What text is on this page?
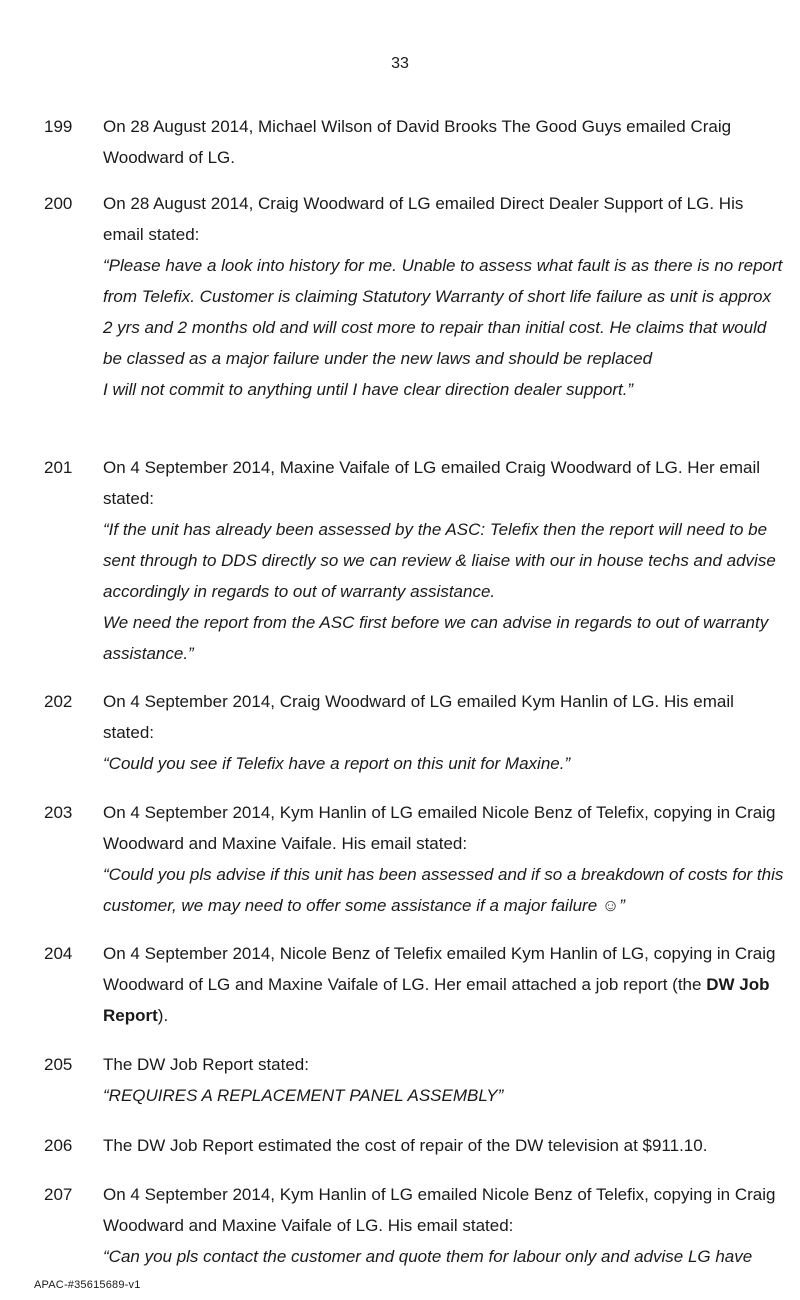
33
199	On 28 August 2014, Michael Wilson of David Brooks The Good Guys emailed Craig Woodward of LG.
200	On 28 August 2014, Craig Woodward of LG emailed Direct Dealer Support of LG. His email stated:
“Please have a look into history for me. Unable to assess what fault is as there is no report from Telefix. Customer is claiming Statutory Warranty of short life failure as unit is approx 2 yrs and 2 months old and will cost more to repair than initial cost. He claims that would be classed as a major failure under the new laws and should be replaced
I will not commit to anything until I have clear direction dealer support.”
201	On 4 September 2014, Maxine Vaifale of LG emailed Craig Woodward of LG. Her email stated:
“If the unit has already been assessed by the ASC: Telefix then the report will need to be sent through to DDS directly so we can review & liaise with our in house techs and advise accordingly in regards to out of warranty assistance.
We need the report from the ASC first before we can advise in regards to out of warranty assistance.”
202	On 4 September 2014, Craig Woodward of LG emailed Kym Hanlin of LG. His email stated:
“Could you see if Telefix have a report on this unit for Maxine.”
203	On 4 September 2014, Kym Hanlin of LG emailed Nicole Benz of Telefix, copying in Craig Woodward and Maxine Vaifale. His email stated:
“Could you pls advise if this unit has been assessed and if so a breakdown of costs for this customer, we may need to offer some assistance if a major failure ☺”
204	On 4 September 2014, Nicole Benz of Telefix emailed Kym Hanlin of LG, copying in Craig Woodward of LG and Maxine Vaifale of LG. Her email attached a job report (the DW Job Report).
205	The DW Job Report stated:
“REQUIRES A REPLACEMENT PANEL ASSEMBLY”
206	The DW Job Report estimated the cost of repair of the DW television at $911.10.
207	On 4 September 2014, Kym Hanlin of LG emailed Nicole Benz of Telefix, copying in Craig Woodward and Maxine Vaifale of LG. His email stated:
“Can you pls contact the customer and quote them for labour only and advise LG have
APAC-#35615689-v1
